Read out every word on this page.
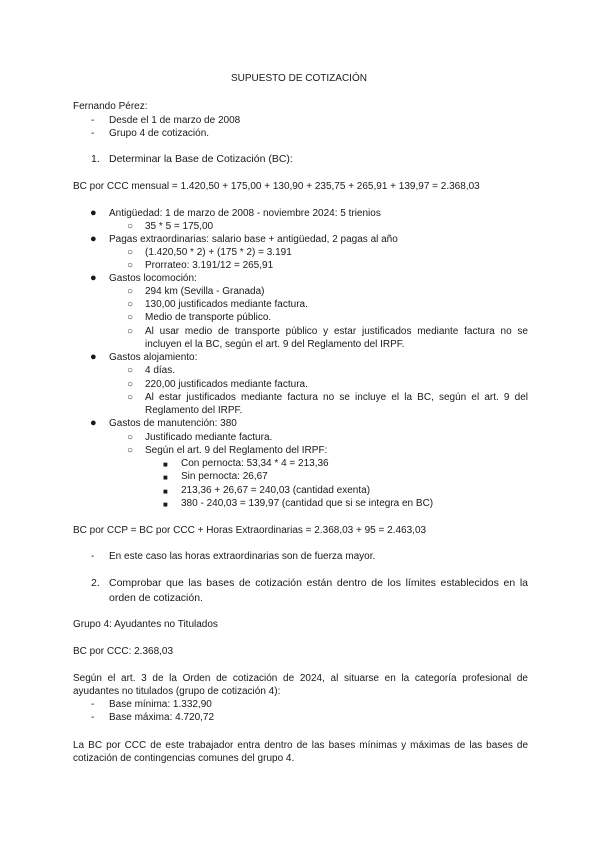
SUPUESTO DE COTIZACIÓN
Fernando Pérez:
- Desde el 1 de marzo de 2008
- Grupo 4 de cotización.
1. Determinar la Base de Cotización (BC):
BC por CCC mensual = 1.420,50 + 175,00 + 130,90 + 235,75 + 265,91 + 139,97 = 2.368,03
● Antigüedad: 1 de marzo de 2008 - noviembre 2024: 5 trienios
○ 35 * 5 = 175,00
● Pagas extraordinarias: salario base + antigüedad, 2 pagas al año
○ (1.420,50 * 2) + (175 * 2) = 3.191
○ Prorrateo: 3.191/12 = 265,91
● Gastos locomoción:
○ 294 km (Sevilla - Granada)
○ 130,00 justificados mediante factura.
○ Medio de transporte público.
○ Al usar medio de transporte público y estar justificados mediante factura no se
incluyen el la BC, según el art. 9 del Reglamento del IRPF.
● Gastos alojamiento:
○ 4 días.
○ 220,00 justificados mediante factura.
○ Al estar justificados mediante factura no se incluye el la BC, según el art. 9 del
Reglamento del IRPF.
● Gastos de manutención: 380
○ Justificado mediante factura.
○ Según el art. 9 del Reglamento del IRPF:
■ Con pernocta: 53,34 * 4 = 213,36
■ Sin pernocta: 26,67
■ 213,36 + 26,67 = 240,03 (cantidad exenta)
■ 380 - 240,03 = 139,97 (cantidad que si se integra en BC)
BC por CCP = BC por CCC + Horas Extraordinarias = 2.368,03 + 95 = 2.463,03
- En este caso las horas extraordinarias son de fuerza mayor.
2. Comprobar que las bases de cotización están dentro de los límites establecidos en la
orden de cotización.
Grupo 4: Ayudantes no Titulados
BC por CCC: 2.368,03
Según el art. 3 de la Orden de cotización de 2024, al situarse en la categoría profesional de
ayudantes no titulados (grupo de cotización 4):
- Base mínima: 1.332,90
- Base máxima: 4.720,72
La BC por CCC de este trabajador entra dentro de las bases mínimas y máximas de las bases de
cotización de contingencias comunes del grupo 4.
